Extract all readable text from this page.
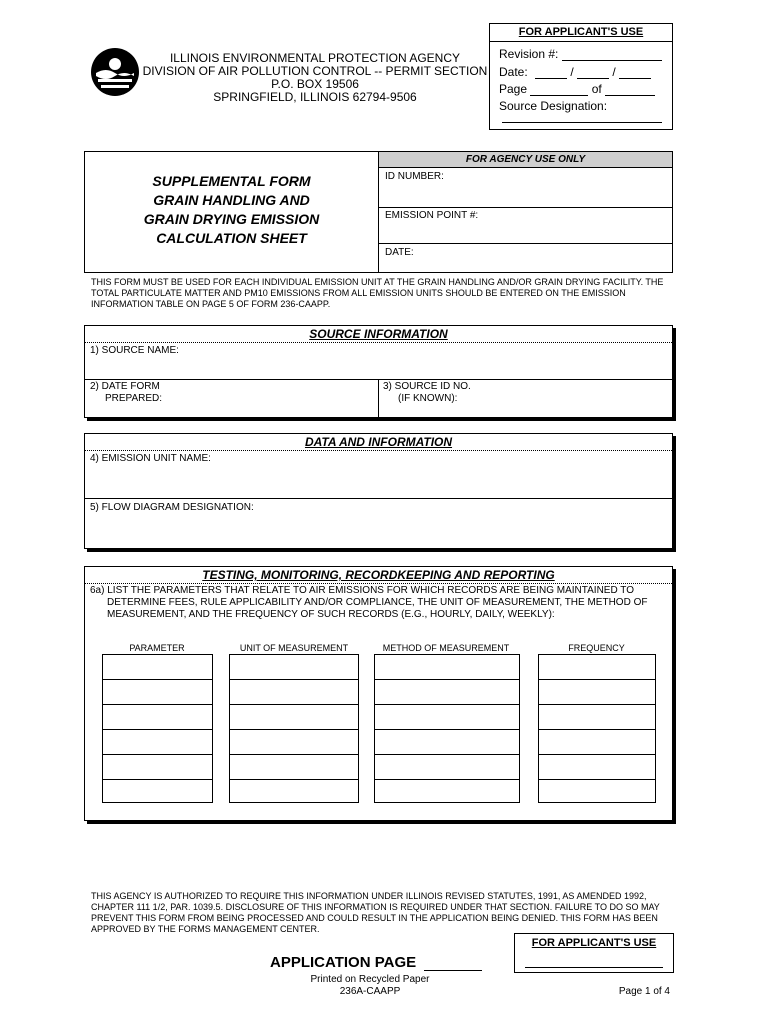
ILLINOIS ENVIRONMENTAL PROTECTION AGENCY
DIVISION OF AIR POLLUTION CONTROL -- PERMIT SECTION
P.O. BOX 19506
SPRINGFIELD, ILLINOIS 62794-9506
FOR APPLICANT'S USE
Revision #:
Date:	/	/
Page	of
Source Designation:
SUPPLEMENTAL FORM
GRAIN HANDLING AND
GRAIN DRYING EMISSION
CALCULATION SHEET
FOR AGENCY USE ONLY
ID NUMBER:
EMISSION POINT #:
DATE:
THIS FORM MUST BE USED FOR EACH INDIVIDUAL EMISSION UNIT AT THE GRAIN HANDLING AND/OR GRAIN DRYING FACILITY. THE TOTAL PARTICULATE MATTER AND PM10 EMISSIONS FROM ALL EMISSION UNITS SHOULD BE ENTERED ON THE EMISSION INFORMATION TABLE ON PAGE 5 OF FORM 236-CAAPP.
SOURCE INFORMATION
1) SOURCE NAME:
2) DATE FORM
PREPARED:
3) SOURCE ID NO.
(IF KNOWN):
DATA AND INFORMATION
4) EMISSION UNIT NAME:
5) FLOW DIAGRAM DESIGNATION:
TESTING, MONITORING, RECORDKEEPING AND REPORTING
6a) LIST THE PARAMETERS THAT RELATE TO AIR EMISSIONS FOR WHICH RECORDS ARE BEING MAINTAINED TO
DETERMINE FEES, RULE APPLICABILITY AND/OR COMPLIANCE, THE UNIT OF MEASUREMENT, THE METHOD OF
MEASUREMENT, AND THE FREQUENCY OF SUCH RECORDS (E.G., HOURLY, DAILY, WEEKLY):
PARAMETER	UNIT OF MEASUREMENT	METHOD OF MEASUREMENT	FREQUENCY
THIS AGENCY IS AUTHORIZED TO REQUIRE THIS INFORMATION UNDER ILLINOIS REVISED STATUTES, 1991, AS AMENDED 1992, CHAPTER 111 1/2, PAR. 1039.5. DISCLOSURE OF THIS INFORMATION IS REQUIRED UNDER THAT SECTION. FAILURE TO DO SO MAY PREVENT THIS FORM FROM BEING PROCESSED AND COULD RESULT IN THE APPLICATION BEING DENIED. THIS FORM HAS BEEN APPROVED BY THE FORMS MANAGEMENT CENTER.
FOR APPLICANT'S USE
APPLICATION PAGE
Printed on Recycled Paper
236A-CAAPP	Page 1 of 4
